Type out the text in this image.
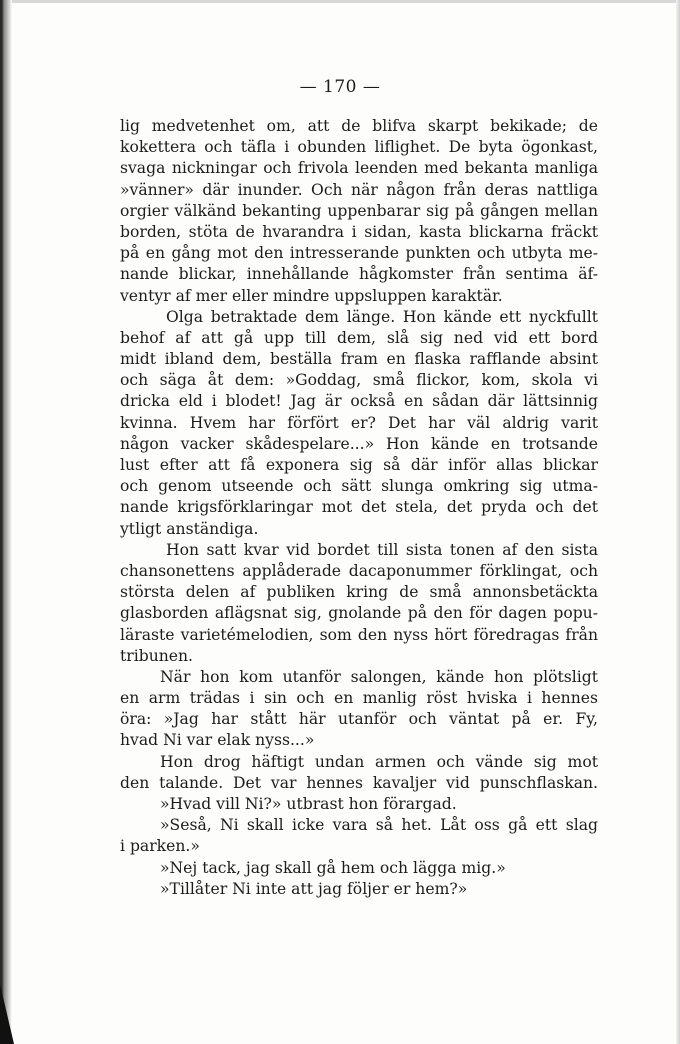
— 170 —
lig medvetenhet om, att de blifva skarpt bekikade; de
kokettera och täfla i obunden liflighet. De byta ögonkast,
svaga nickningar och frivola leenden med bekanta manliga
»vänner» där inunder. Och när någon från deras nattliga
orgier välkänd bekanting uppenbarar sig på gången mellan
borden, stöta de hvarandra i sidan, kasta blickarna fräckt
på en gång mot den intresserande punkten och utbyta me-
nande blickar, innehållande hågkomster från sentima äf-
ventyr af mer eller mindre uppsluppen karaktär.
Olga betraktade dem länge. Hon kände ett nyckfullt
behof af att gå upp till dem, slå sig ned vid ett bord
midt ibland dem, beställa fram en flaska rafflande absint
och säga åt dem: »Goddag, små flickor, kom, skola vi
dricka eld i blodet! Jag är också en sådan där lättsinnig
kvinna. Hvem har förfört er? Det har väl aldrig varit
någon vacker skådespelare...» Hon kände en trotsande
lust efter att få exponera sig så där inför allas blickar
och genom utseende och sätt slunga omkring sig utma-
nande krigsförklaringar mot det stela, det pryda och det
ytligt anständiga.
Hon satt kvar vid bordet till sista tonen af den sista
chansonettens applåderade dacaponummer förklingat, och
största delen af publiken kring de små annonsbetäckta
glasborden aflägsnat sig, gnolande på den för dagen popu-
läraste varietémelodien, som den nyss hört föredragas från
tribunen.
När hon kom utanför salongen, kände hon plötsligt
en arm trädas i sin och en manlig röst hviska i hennes
öra: »Jag har stått här utanför och väntat på er. Fy,
hvad Ni var elak nyss...»
Hon drog häftigt undan armen och vände sig mot
den talande. Det var hennes kavaljer vid punschflaskan.
»Hvad vill Ni?» utbrast hon förargad.
»Seså, Ni skall icke vara så het. Låt oss gå ett slag
i parken.»
»Nej tack, jag skall gå hem och lägga mig.»
»Tillåter Ni inte att jag följer er hem?»
